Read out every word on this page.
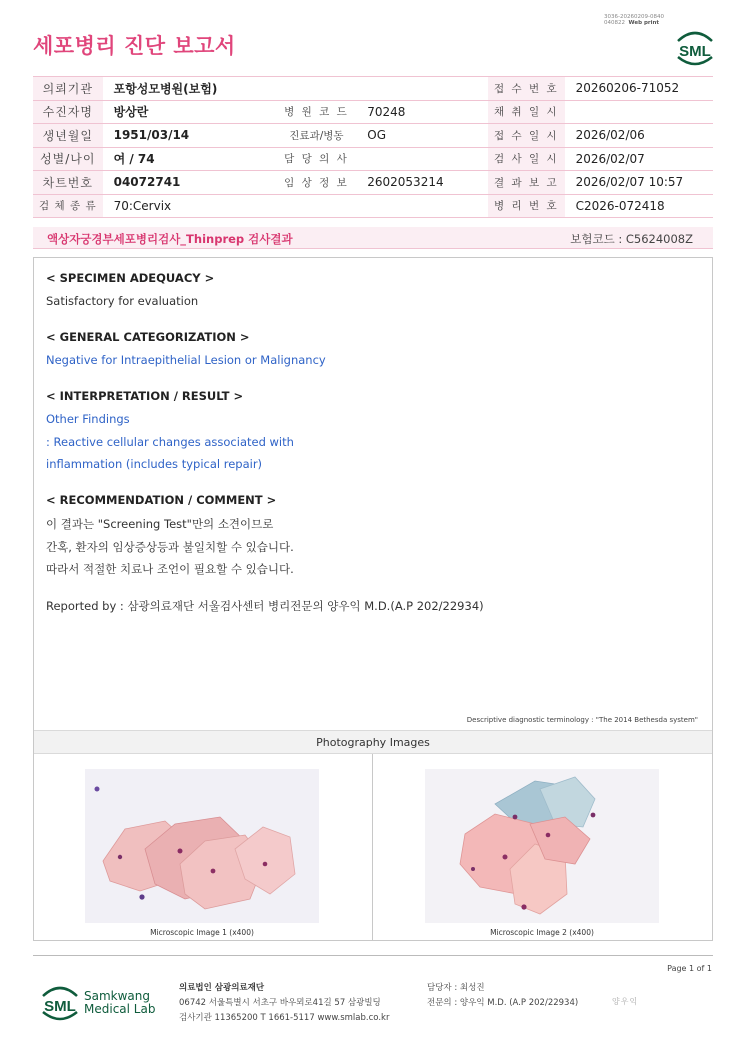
3036-20260209-0840
040822 Web print
세포병리 진단 보고서	SML
의뢰기관	포항성모병원(보험)			접 수 번 호	20260206-71052
수진자명	방상란	병 원 코 드	70248	채 취 일 시	
생년월일	1951/03/14	진료과/병동	OG	접 수 일 시	2026/02/06
성별/나이	여 / 74	담 당 의 사		검 사 일 시	2026/02/07
차트번호	04072741	임 상 정 보	2602053214	결 과 보 고	2026/02/07 10:57
검 체 종 류	70:Cervix			병 리 번 호	C2026-072418
액상자궁경부세포병리검사_Thinprep 검사결과	보험코드 : C5624008Z
< SPECIMEN ADEQUACY >
Satisfactory for evaluation
< GENERAL CATEGORIZATION >
Negative for Intraepithelial Lesion or Malignancy
< INTERPRETATION / RESULT >
Other Findings
: Reactive cellular changes associated with
inflammation (includes typical repair)
< RECOMMENDATION / COMMENT >
이 결과는 "Screening Test"만의 소견이므로
간혹, 환자의 임상증상등과 불일치할 수 있습니다.
따라서 적절한 치료나 조언이 필요할 수 있습니다.
Reported by : 삼광의료재단 서울검사센터 병리전문의 양우익 M.D.(A.P 202/22934)
Descriptive diagnostic terminology : "The 2014 Bethesda system"
Photography Images
Microscopic Image 1 (x400)	Microscopic Image 2 (x400)
Page 1 of 1
SML
Samkwang
Medical Lab
의료법인 삼광의료재단
06742 서울특별시 서초구 바우뫼로41길 57 삼광빌딩
검사기관 11365200 T 1661-5117 www.smlab.co.kr
담당자 : 최성진
전문의 : 양우익 M.D. (A.P 202/22934)	양우익
